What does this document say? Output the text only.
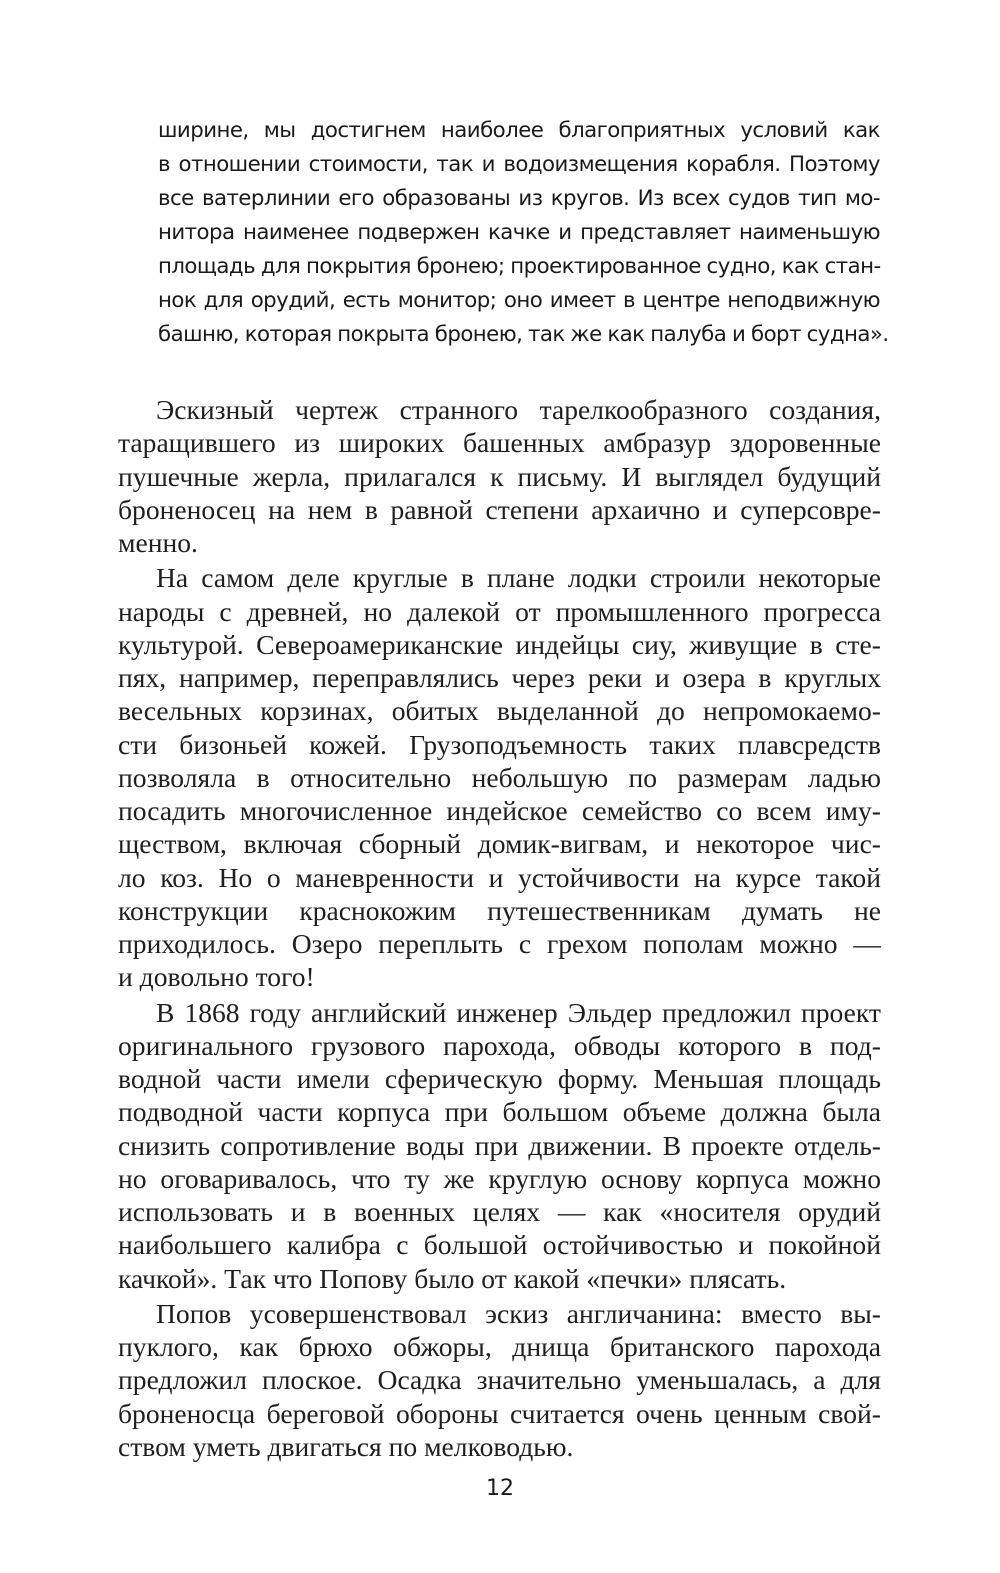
ширине, мы достигнем наиболее благоприятных условий как
в отношении стоимости, так и водоизмещения корабля. Поэтому
все ватерлинии его образованы из кругов. Из всех судов тип мо-
нитора наименее подвержен качке и представляет наименьшую
площадь для покрытия бронею; проектированное судно, как стан-
нок для орудий, есть монитор; оно имеет в центре неподвижную
башню, которая покрыта бронею, так же как палуба и борт судна».
Эскизный чертеж странного тарелкообразного создания,
таращившего из широких башенных амбразур здоровенные
пушечные жерла, прилагался к письму. И выглядел будущий
броненосец на нем в равной степени архаично и суперсовре-
менно.
На самом деле круглые в плане лодки строили некоторые
народы с древней, но далекой от промышленного прогресса
культурой. Североамериканские индейцы сиу, живущие в сте-
пях, например, переправлялись через реки и озера в круглых
весельных корзинах, обитых выделанной до непромокаемо-
сти бизоньей кожей. Грузоподъемность таких плавсредств
позволяла в относительно небольшую по размерам ладью
посадить многочисленное индейское семейство со всем иму-
ществом, включая сборный домик-вигвам, и некоторое чис-
ло коз. Но о маневренности и устойчивости на курсе такой
конструкции краснокожим путешественникам думать не
приходилось. Озеро переплыть с грехом пополам можно —
и довольно того!
В 1868 году английский инженер Эльдер предложил проект
оригинального грузового парохода, обводы которого в под-
водной части имели сферическую форму. Меньшая площадь
подводной части корпуса при большом объеме должна была
снизить сопротивление воды при движении. В проекте отдель-
но оговаривалось, что ту же круглую основу корпуса можно
использовать и в военных целях — как «носителя орудий
наибольшего калибра с большой остойчивостью и покойной
качкой». Так что Попову было от какой «печки» плясать.
Попов усовершенствовал эскиз англичанина: вместо вы-
пуклого, как брюхо обжоры, днища британского парохода
предложил плоское. Осадка значительно уменьшалась, а для
броненосца береговой обороны считается очень ценным свой-
ством уметь двигаться по мелководью.
12
